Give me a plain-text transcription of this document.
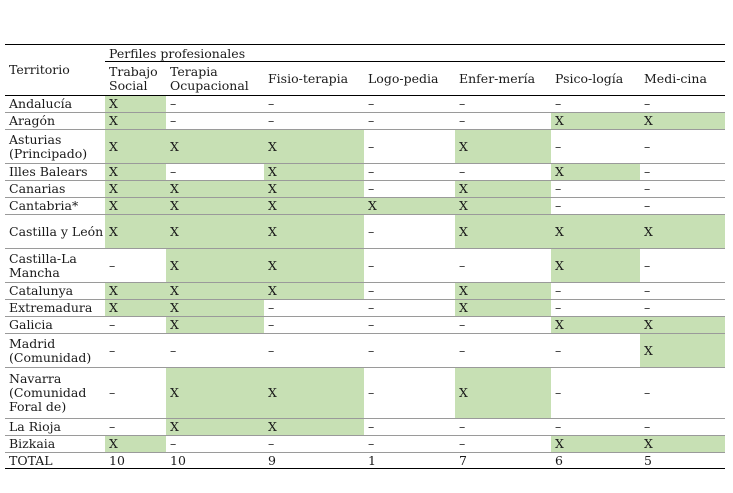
Territorio	Perfiles profesionales						
	Trabajo Social	Terapia Ocupacional	Fisio-terapia	Logo-pedia	Enfer-mería	Psico-logía	Medi-cina
Andalucía	X	–	–	–	–	–	–
Aragón	X	–	–	–	–	X	X
Asturias (Principado)	X	X	X	–	X	–	–
Illes Balears	X	–	X	–	–	X	–
Canarias	X	X	X	–	X	–	–
Cantabria*	X	X	X	X	X	–	–
Castilla y León	X	X	X	–	X	X	X
Castilla-La Mancha	–	X	X	–	–	X	–
Catalunya	X	X	X	–	X	–	–
Extremadura	X	X	–	–	X	–	–
Galicia	–	X	–	–	–	X	X
Madrid (Comunidad)	–	–	–	–	–	–	X
Navarra (Comunidad Foral de)	–	X	X	–	X	–	–
La Rioja	–	X	X	–	–	–	–
Bizkaia	X	–	–	–	–	X	X
TOTAL	10	10	9	1	7	6	5
